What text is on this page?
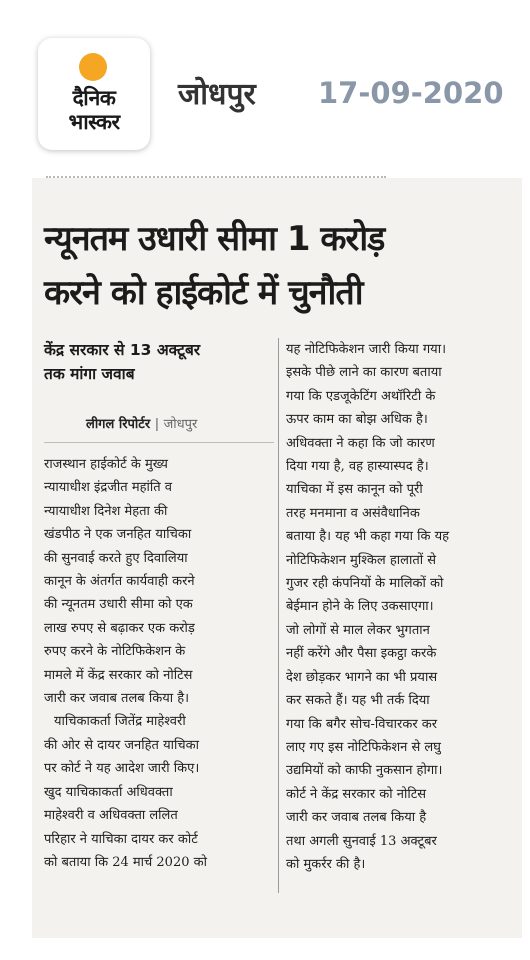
दैनिक
भास्कर
जोधपुर 17-09-2020
न्यूनतम उधारी सीमा 1 करोड़
करने को हाईकोर्ट में चुनौती
केंद्र सरकार से 13 अक्टूबर
तक मांगा जवाब
लीगल रिपोर्टर | जोधपुर

राजस्थान हाईकोर्ट के मुख्य
न्यायाधीश इंद्रजीत महांति व
न्यायाधीश दिनेश मेहता की
खंडपीठ ने एक जनहित याचिका
की सुनवाई करते हुए दिवालिया
कानून के अंतर्गत कार्यवाही करने
की न्यूनतम उधारी सीमा को एक
लाख रुपए से बढ़ाकर एक करोड़
रुपए करने के नोटिफिकेशन के
मामले में केंद्र सरकार को नोटिस
जारी कर जवाब तलब किया है।
याचिकाकर्ता जितेंद्र माहेश्वरी
की ओर से दायर जनहित याचिका
पर कोर्ट ने यह आदेश जारी किए।
खुद याचिकाकर्ता अधिवक्ता
माहेश्वरी व अधिवक्ता ललित
परिहार ने याचिका दायर कर कोर्ट
को बताया कि 24 मार्च 2020 को

यह नोटिफिकेशन जारी किया गया।
इसके पीछे लाने का कारण बताया
गया कि एडजूकेटिंग अथॉरिटी के
ऊपर काम का बोझ अधिक है।
अधिवक्ता ने कहा कि जो कारण
दिया गया है, वह हास्यास्पद है।
याचिका में इस कानून को पूरी
तरह मनमाना व असंवैधानिक
बताया है। यह भी कहा गया कि यह
नोटिफिकेशन मुश्किल हालातों से
गुजर रही कंपनियों के मालिकों को
बेईमान होने के लिए उकसाएगा।
जो लोगों से माल लेकर भुगतान
नहीं करेंगे और पैसा इकट्ठा करके
देश छोड़कर भागने का भी प्रयास
कर सकते हैं। यह भी तर्क दिया
गया कि बगैर सोच-विचारकर कर
लाए गए इस नोटिफिकेशन से लघु
उद्यमियों को काफी नुकसान होगा।
कोर्ट ने केंद्र सरकार को नोटिस
जारी कर जवाब तलब किया है
तथा अगली सुनवाई 13 अक्टूबर
को मुकर्रर की है।
